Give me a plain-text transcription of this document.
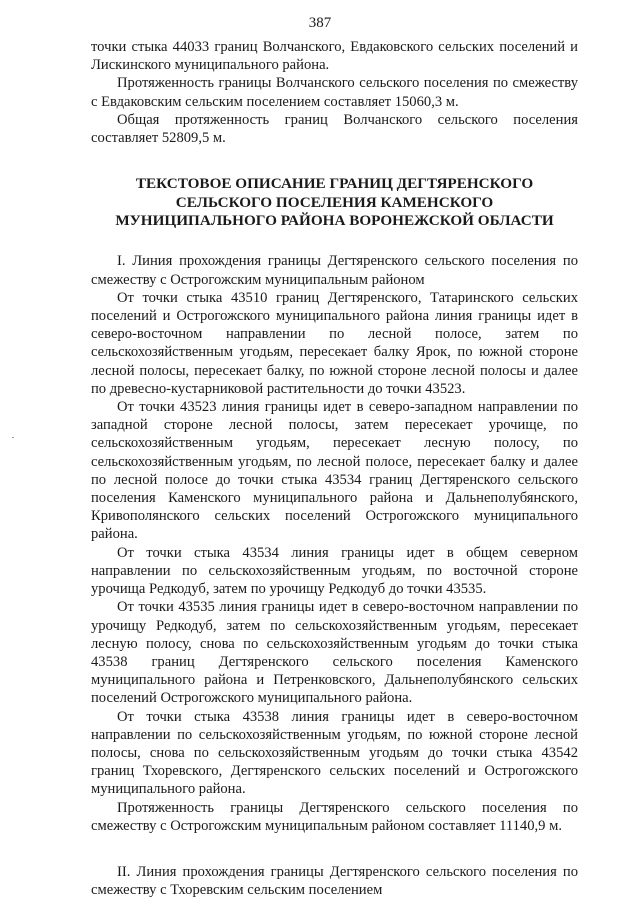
387

точки стыка 44033 границ Волчанского, Евдаковского сельских поселений и Лискинского муниципального района.

Протяженность границы Волчанского сельского поселения по смежеству с Евдаковским сельским поселением составляет 15060,3 м.

Общая протяженность границ Волчанского сельского поселения составляет 52809,5 м.

ТЕКСТОВОЕ ОПИСАНИЕ ГРАНИЦ ДЕГТЯРЕНСКОГО
СЕЛЬСКОГО ПОСЕЛЕНИЯ КАМЕНСКОГО
МУНИЦИПАЛЬНОГО РАЙОНА ВОРОНЕЖСКОЙ ОБЛАСТИ

I. Линия прохождения границы Дегтяренского сельского поселения по смежеству с Острогожским муниципальным районом

От точки стыка 43510 границ Дегтяренского, Татаринского сельских поселений и Острогожского муниципального района линия границы идет в северо-восточном направлении по лесной полосе, затем по сельскохозяйственным угодьям, пересекает балку Ярок, по южной стороне лесной полосы, пересекает балку, по южной стороне лесной полосы и далее по древесно-кустарниковой растительности до точки 43523.

От точки 43523 линия границы идет в северо-западном направлении по западной стороне лесной полосы, затем пересекает урочище, по сельскохозяйственным угодьям, пересекает лесную полосу, по сельскохозяйственным угодьям, по лесной полосе, пересекает балку и далее по лесной полосе до точки стыка 43534 границ Дегтяренского сельского поселения Каменского муниципального района и Дальнеполубянского, Кривополянского сельских поселений Острогожского муниципального района.

От точки стыка 43534 линия границы идет в общем северном направлении по сельскохозяйственным угодьям, по восточной стороне урочища Редкодуб, затем по урочищу Редкодуб до точки 43535.

От точки 43535 линия границы идет в северо-восточном направлении по урочищу Редкодуб, затем по сельскохозяйственным угодьям, пересекает лесную полосу, снова по сельскохозяйственным угодьям до точки стыка 43538 границ Дегтяренского сельского поселения Каменского муниципального района и Петренковского, Дальнеполубянского сельских поселений Острогожского муниципального района.

От точки стыка 43538 линия границы идет в северо-восточном направлении по сельскохозяйственным угодьям, по южной стороне лесной полосы, снова по сельскохозяйственным угодьям до точки стыка 43542 границ Тхоревского, Дегтяренского сельских поселений и Острогожского муниципального района.

Протяженность границы Дегтяренского сельского поселения по смежеству с Острогожским муниципальным районом составляет 11140,9 м.

II. Линия прохождения границы Дегтяренского сельского поселения по смежеству с Тхоревским сельским поселением
